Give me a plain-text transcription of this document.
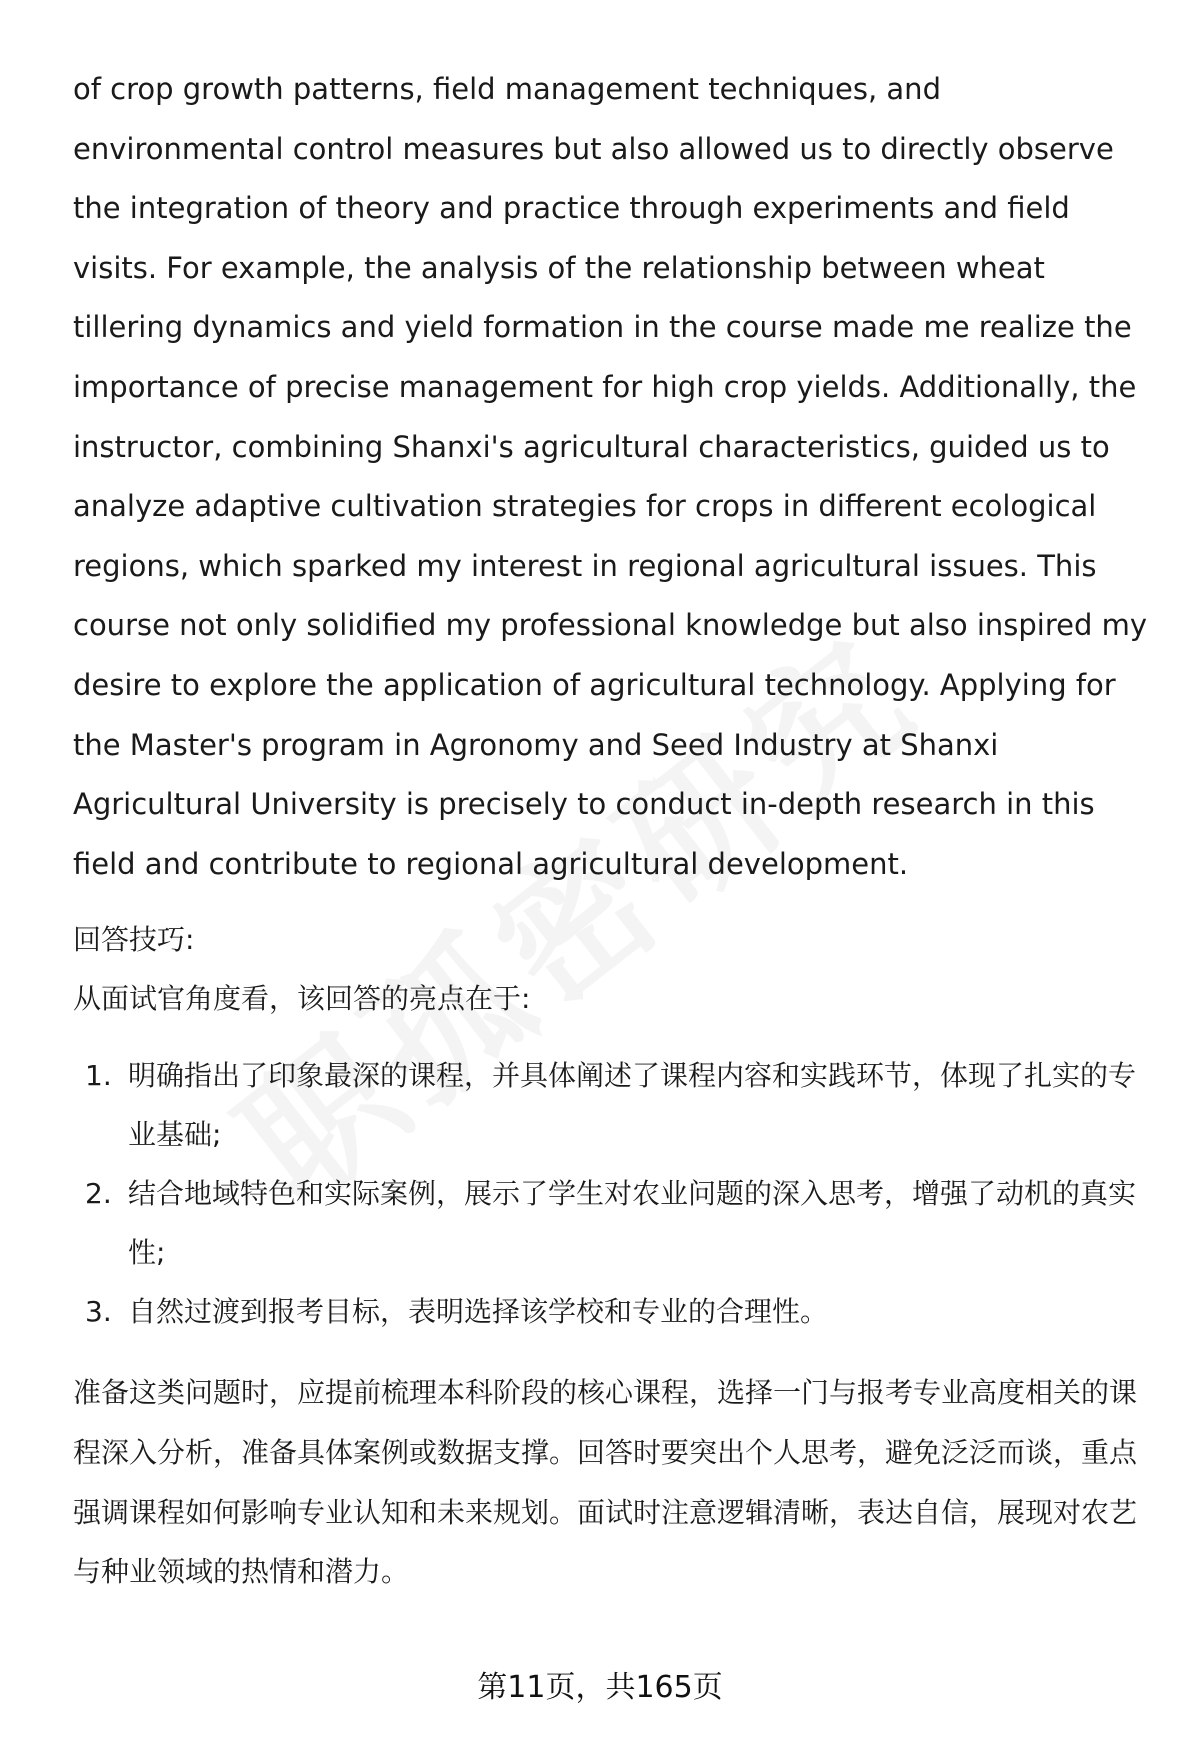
of crop growth patterns, field management techniques, and environmental control measures but also allowed us to directly observe the integration of theory and practice through experiments and field visits. For example, the analysis of the relationship between wheat tillering dynamics and yield formation in the course made me realize the importance of precise management for high crop yields. Additionally, the instructor, combining Shanxi's agricultural characteristics, guided us to analyze adaptive cultivation strategies for crops in different ecological regions, which sparked my interest in regional agricultural issues. This course not only solidified my professional knowledge but also inspired my desire to explore the application of agricultural technology. Applying for the Master's program in Agronomy and Seed Industry at Shanxi Agricultural University is precisely to conduct in-depth research in this field and contribute to regional agricultural development.

回答技巧:

从面试官角度看，该回答的亮点在于:

1. 明确指出了印象最深的课程，并具体阐述了课程内容和实践环节，体现了扎实的专业基础;
2. 结合地域特色和实际案例，展示了学生对农业问题的深入思考，增强了动机的真实性;
3. 自然过渡到报考目标，表明选择该学校和专业的合理性。

准备这类问题时，应提前梳理本科阶段的核心课程，选择一门与报考专业高度相关的课程深入分析，准备具体案例或数据支撑。回答时要突出个人思考，避免泛泛而谈，重点强调课程如何影响专业认知和未来规划。面试时注意逻辑清晰，表达自信，展现对农艺与种业领域的热情和潜力。

第11页，共165页
